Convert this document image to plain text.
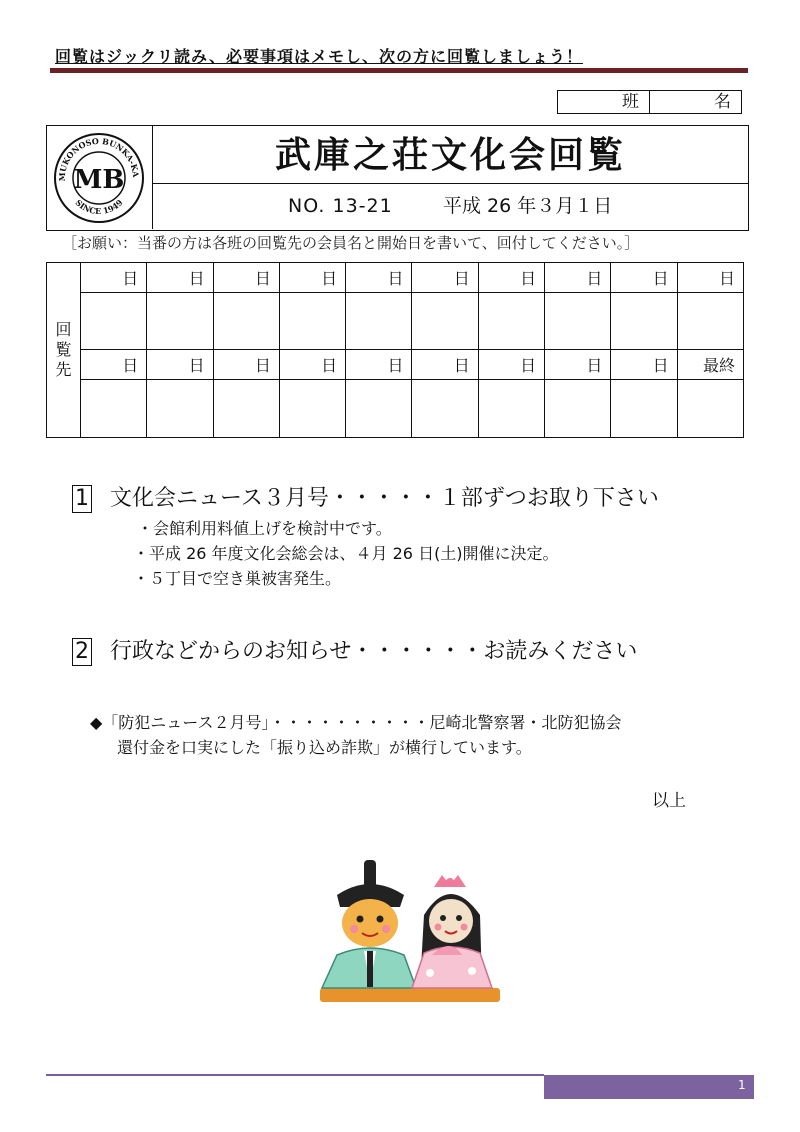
回覧はジックリ読み、必要事項はメモし、次の方に回覧しましょう！
班	名
MUKONOSO BUNKA-KA
SINCE 1949
MB
武庫之荘文化会回覧
NO. 13-21	平成 26 年３月１日
［お願い：当番の方は各班の回覧先の会員名と開始日を書いて、回付してください。］
回
覧
先	日	日	日	日	日	日	日	日	日	日

	日	日	日	日	日	日	日	日	日	最終

1 文化会ニュース３月号・・・・・１部ずつお取り下さい
・会館利用料値上げを検討中です。
・平成 26 年度文化会総会は、４月 26 日(土)開催に決定。
・５丁目で空き巣被害発生。
2 行政などからのお知らせ・・・・・・お読みください
◆「防犯ニュース２月号」・・・・・・・・・・尼崎北警察署・北防犯協会
還付金を口実にした「振り込め詐欺」が横行しています。
以上
1
